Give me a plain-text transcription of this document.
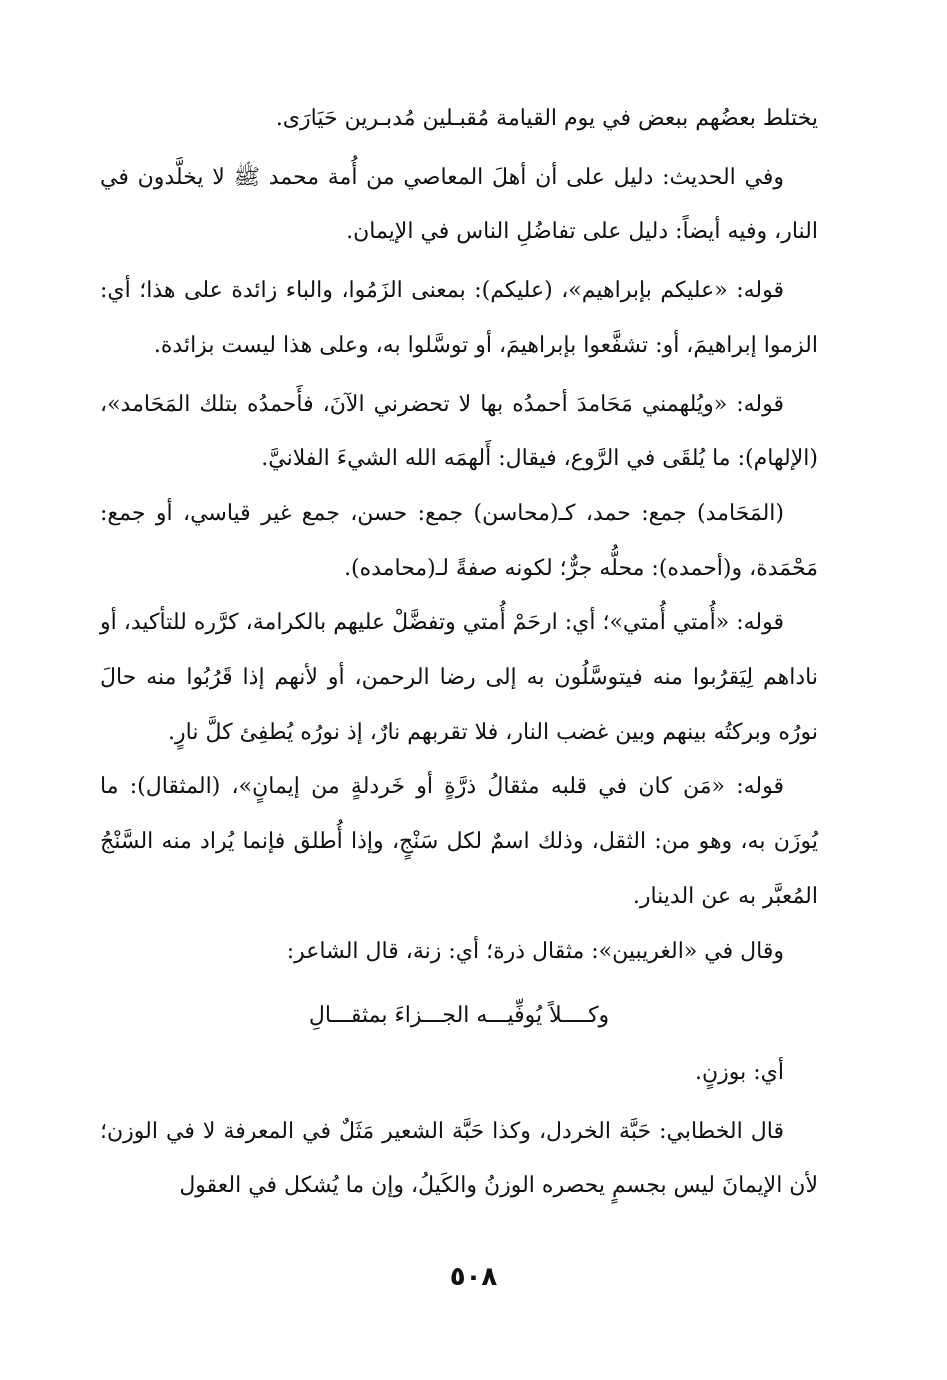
يختلط بعضُهم ببعض في يوم القيامة مُقبـلين مُدبـرين حَيَارَى.

وفي الحديث: دليل على أن أهلَ المعاصي من أُمة محمد ﷺ لا يخلَّدون في النار، وفيه أيضاً: دليل على تفاضُلِ الناس في الإيمان.

قوله: «عليكم بإبراهيم»، (عليكم): بمعنى الزَمُوا، والباء زائدة على هذا؛ أي: الزموا إبراهيمَ، أو: تشفَّعوا بإبراهيمَ، أو توسَّلوا به، وعلى هذا ليست بزائدة.

قوله: «ويُلهمني مَحَامدَ أحمدُه بها لا تحضرني الآنَ، فأَحمدُه بتلك المَحَامد»، (الإلهام): ما يُلقَى في الرَّوع، فيقال: أَلهمَه الله الشيءَ الفلانيَّ.

(المَحَامد) جمع: حمد، كـ(محاسن) جمع: حسن، جمع غير قياسي، أو جمع: مَحْمَدة، و(أحمده): محلُّه جرٌّ؛ لكونه صفةً لـ(محامده).

قوله: «أُمتي أُمتي»؛ أي: ارحَمْ أُمتي وتفضَّلْ عليهم بالكرامة، كرَّره للتأكيد، أو ناداهم لِيَقرُبوا منه فيتوسَّلُون به إلى رضا الرحمن، أو لأنهم إذا قَرُبُوا منه حالَ نورُه وبركتُه بينهم وبين غضب النار، فلا تقربهم نارٌ، إذ نورُه يُطفِئ كلَّ نارٍ.

قوله: «مَن كان في قلبه مثقالُ ذرَّةٍ أو خَردلةٍ من إيمانٍ»، (المثقال): ما يُوزَن به، وهو من: الثقل، وذلك اسمٌ لكل سَنْجٍ، وإذا أُطلق فإنما يُراد منه السَّنْجُ المُعبَّر به عن الدينار.

وقال في «الغريبين»: مثقال ذرة؛ أي: زنة، قال الشاعر:

وكــــلاً يُوفِّيـــه الجـــزاءَ بمثقـــالِ

أي: بوزنٍ.

قال الخطابي: حَبَّة الخردل، وكذا حَبَّة الشعير مَثَلٌ في المعرفة لا في الوزن؛ لأن الإيمانَ ليس بجسمٍ يحصره الوزنُ والكَيلُ، وإن ما يُشكل في العقول

٥٠٨
